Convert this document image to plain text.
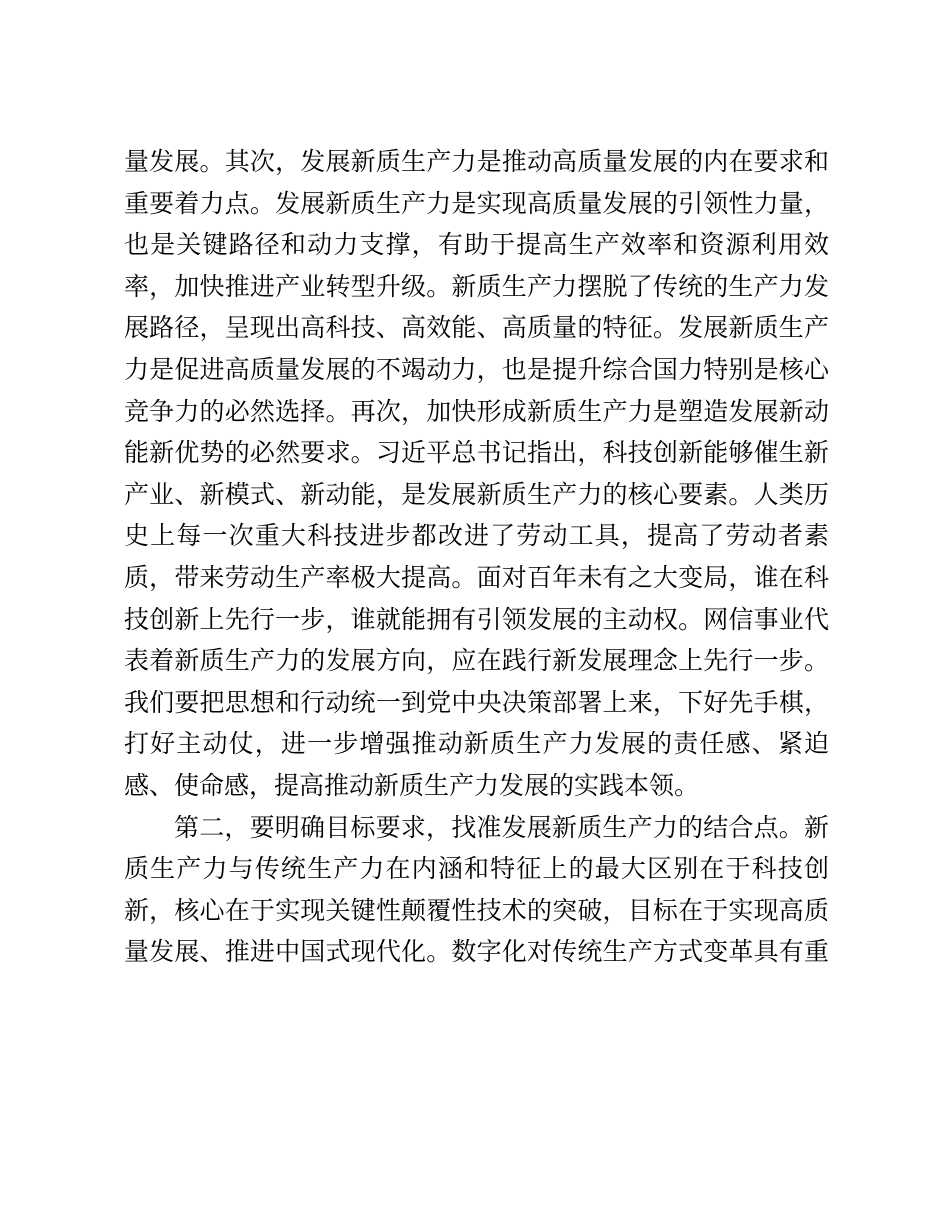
量发展。其次，发展新质生产力是推动高质量发展的内在要求和
重要着力点。发展新质生产力是实现高质量发展的引领性力量，
也是关键路径和动力支撑，有助于提高生产效率和资源利用效
率，加快推进产业转型升级。新质生产力摆脱了传统的生产力发
展路径，呈现出高科技、高效能、高质量的特征。发展新质生产
力是促进高质量发展的不竭动力，也是提升综合国力特别是核心
竞争力的必然选择。再次，加快形成新质生产力是塑造发展新动
能新优势的必然要求。习近平总书记指出，科技创新能够催生新
产业、新模式、新动能，是发展新质生产力的核心要素。人类历
史上每一次重大科技进步都改进了劳动工具，提高了劳动者素
质，带来劳动生产率极大提高。面对百年未有之大变局，谁在科
技创新上先行一步，谁就能拥有引领发展的主动权。网信事业代
表着新质生产力的发展方向，应在践行新发展理念上先行一步。
我们要把思想和行动统一到党中央决策部署上来，下好先手棋，
打好主动仗，进一步增强推动新质生产力发展的责任感、紧迫
感、使命感，提高推动新质生产力发展的实践本领。
第二，要明确目标要求，找准发展新质生产力的结合点。新
质生产力与传统生产力在内涵和特征上的最大区别在于科技创
新，核心在于实现关键性颠覆性技术的突破，目标在于实现高质
量发展、推进中国式现代化。数字化对传统生产方式变革具有重
